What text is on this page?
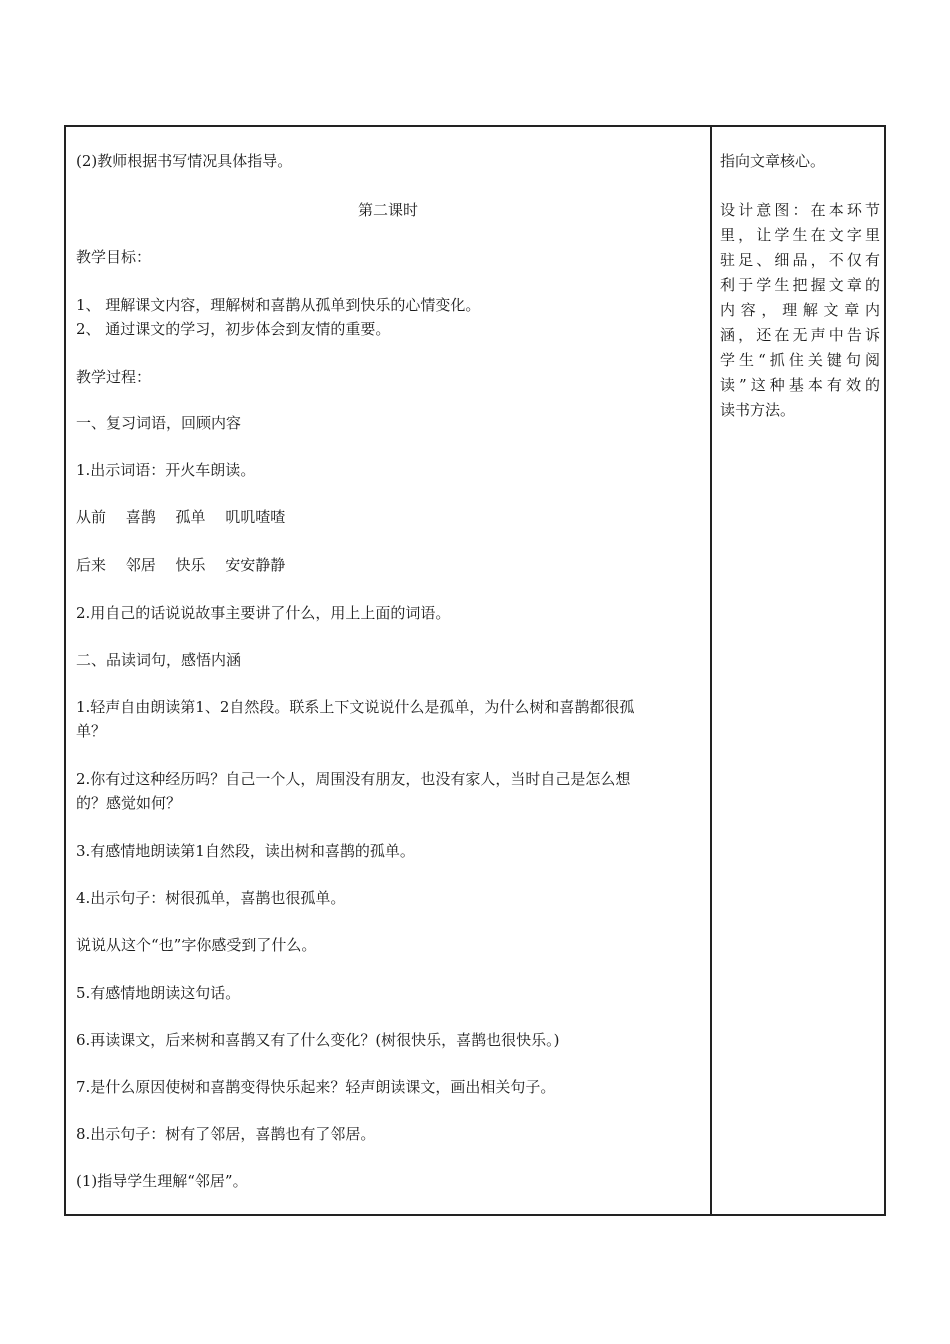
(2)教师根据书写情况具体指导。
第二课时
教学目标：
1、 理解课文内容，理解树和喜鹊从孤单到快乐的心情变化。
2、 通过课文的学习，初步体会到友情的重要。
教学过程：
一、复习词语，回顾内容
1.出示词语：开火车朗读。
从前　 喜鹊　 孤单　 叽叽喳喳
后来　 邻居　 快乐　 安安静静
2.用自己的话说说故事主要讲了什么，用上上面的词语。
二、品读词句，感悟内涵
1.轻声自由朗读第1、2自然段。联系上下文说说什么是孤单，为什么树和喜鹊都很孤
单？
2.你有过这种经历吗？自己一个人，周围没有朋友，也没有家人，当时自己是怎么想
的？感觉如何？
3.有感情地朗读第1自然段，读出树和喜鹊的孤单。
4.出示句子：树很孤单，喜鹊也很孤单。
说说从这个“也”字你感受到了什么。
5.有感情地朗读这句话。
6.再读课文，后来树和喜鹊又有了什么变化？(树很快乐，喜鹊也很快乐。)
7.是什么原因使树和喜鹊变得快乐起来？轻声朗读课文，画出相关句子。
8.出示句子：树有了邻居，喜鹊也有了邻居。
(1)指导学生理解“邻居”。
指向文章核心。
设计意图：在本环节
里，让学生在文字里
驻足、细品，不仅有
利于学生把握文章的
内容，理解文章内
涵，还在无声中告诉
学生“抓住关键句阅
读”这种基本有效的
读书方法。
